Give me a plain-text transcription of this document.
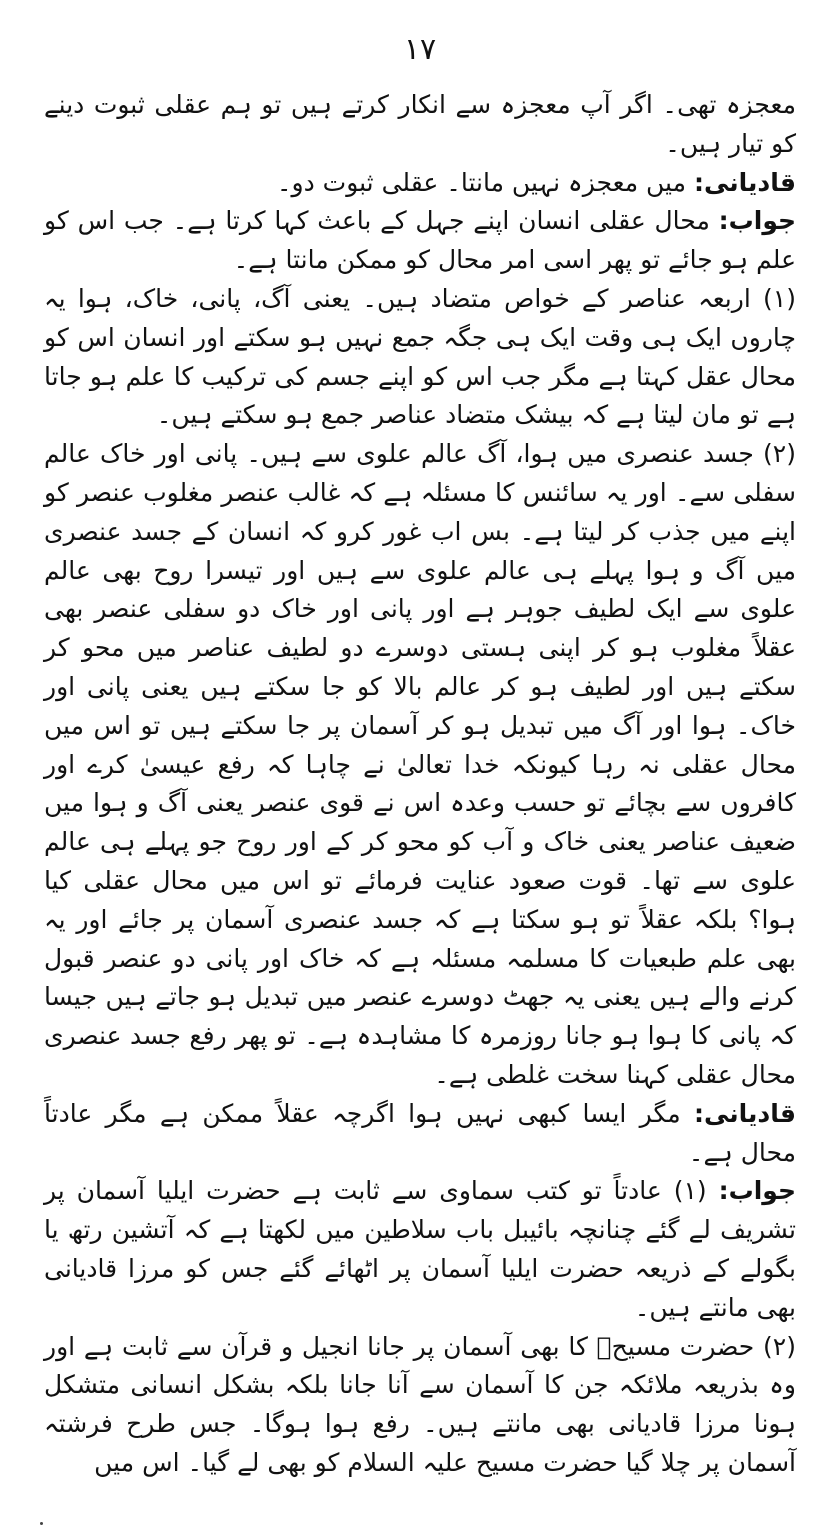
۱۷

معجزہ تھی۔ اگر آپ معجزہ سے انکار کرتے ہیں تو ہم عقلی ثبوت دینے کو تیار ہیں۔

قادیانی: میں معجزہ نہیں مانتا۔ عقلی ثبوت دو۔

جواب: محال عقلی انسان اپنے جہل کے باعث کہا کرتا ہے۔ جب اس کو علم ہو جائے تو پھر اسی امر محال کو ممکن مانتا ہے۔

(۱) اربعہ عناصر کے خواص متضاد ہیں۔ یعنی آگ، پانی، خاک، ہوا یہ چاروں ایک ہی وقت ایک ہی جگہ جمع نہیں ہو سکتے اور انسان اس کو محال عقل کہتا ہے مگر جب اس کو اپنے جسم کی ترکیب کا علم ہو جاتا ہے تو مان لیتا ہے کہ بیشک متضاد عناصر جمع ہو سکتے ہیں۔

(۲) جسد عنصری میں ہوا، آگ عالم علوی سے ہیں۔ پانی اور خاک عالم سفلی سے۔ اور یہ سائنس کا مسئلہ ہے کہ غالب عنصر مغلوب عنصر کو اپنے میں جذب کر لیتا ہے۔ بس اب غور کرو کہ انسان کے جسد عنصری میں آگ و ہوا پہلے ہی عالم علوی سے ہیں اور تیسرا روح بھی عالم علوی سے ایک لطیف جوہر ہے اور پانی اور خاک دو سفلی عنصر بھی عقلاً مغلوب ہو کر اپنی ہستی دوسرے دو لطیف عناصر میں محو کر سکتے ہیں اور لطیف ہو کر عالم بالا کو جا سکتے ہیں یعنی پانی اور خاک۔ ہوا اور آگ میں تبدیل ہو کر آسمان پر جا سکتے ہیں تو اس میں محال عقلی نہ رہا کیونکہ خدا تعالیٰ نے چاہا کہ رفع عیسیٰ کرے اور کافروں سے بچائے تو حسب وعدہ اس نے قوی عنصر یعنی آگ و ہوا میں ضعیف عناصر یعنی خاک و آب کو محو کر کے اور روح جو پہلے ہی عالم علوی سے تھا۔ قوت صعود عنایت فرمائے تو اس میں محال عقلی کیا ہوا؟ بلکہ عقلاً تو ہو سکتا ہے کہ جسد عنصری آسمان پر جائے اور یہ بھی علم طبعیات کا مسلمہ مسئلہ ہے کہ خاک اور پانی دو عنصر قبول کرنے والے ہیں یعنی یہ جھٹ دوسرے عنصر میں تبدیل ہو جاتے ہیں جیسا کہ پانی کا ہوا ہو جانا روزمرہ کا مشاہدہ ہے۔ تو پھر رفع جسد عنصری محال عقلی کہنا سخت غلطی ہے۔

قادیانی: مگر ایسا کبھی نہیں ہوا اگرچہ عقلاً ممکن ہے مگر عادتاً محال ہے۔

جواب: (۱) عادتاً تو کتب سماوی سے ثابت ہے حضرت ایلیا آسمان پر تشریف لے گئے چنانچہ بائیبل باب سلاطین میں لکھتا ہے کہ آتشین رتھ یا بگولے کے ذریعہ حضرت ایلیا آسمان پر اٹھائے گئے جس کو مرزا قادیانی بھی مانتے ہیں۔

(۲) حضرت مسیحؑ کا بھی آسمان پر جانا انجیل و قرآن سے ثابت ہے اور وہ بذریعہ ملائکہ جن کا آسمان سے آنا جانا بلکہ بشکل انسانی متشکل ہونا مرزا قادیانی بھی مانتے ہیں۔ رفع ہوا ہوگا۔ جس طرح فرشتہ آسمان پر چلا گیا حضرت مسیح علیہ السلام کو بھی لے گیا۔ اس میں
